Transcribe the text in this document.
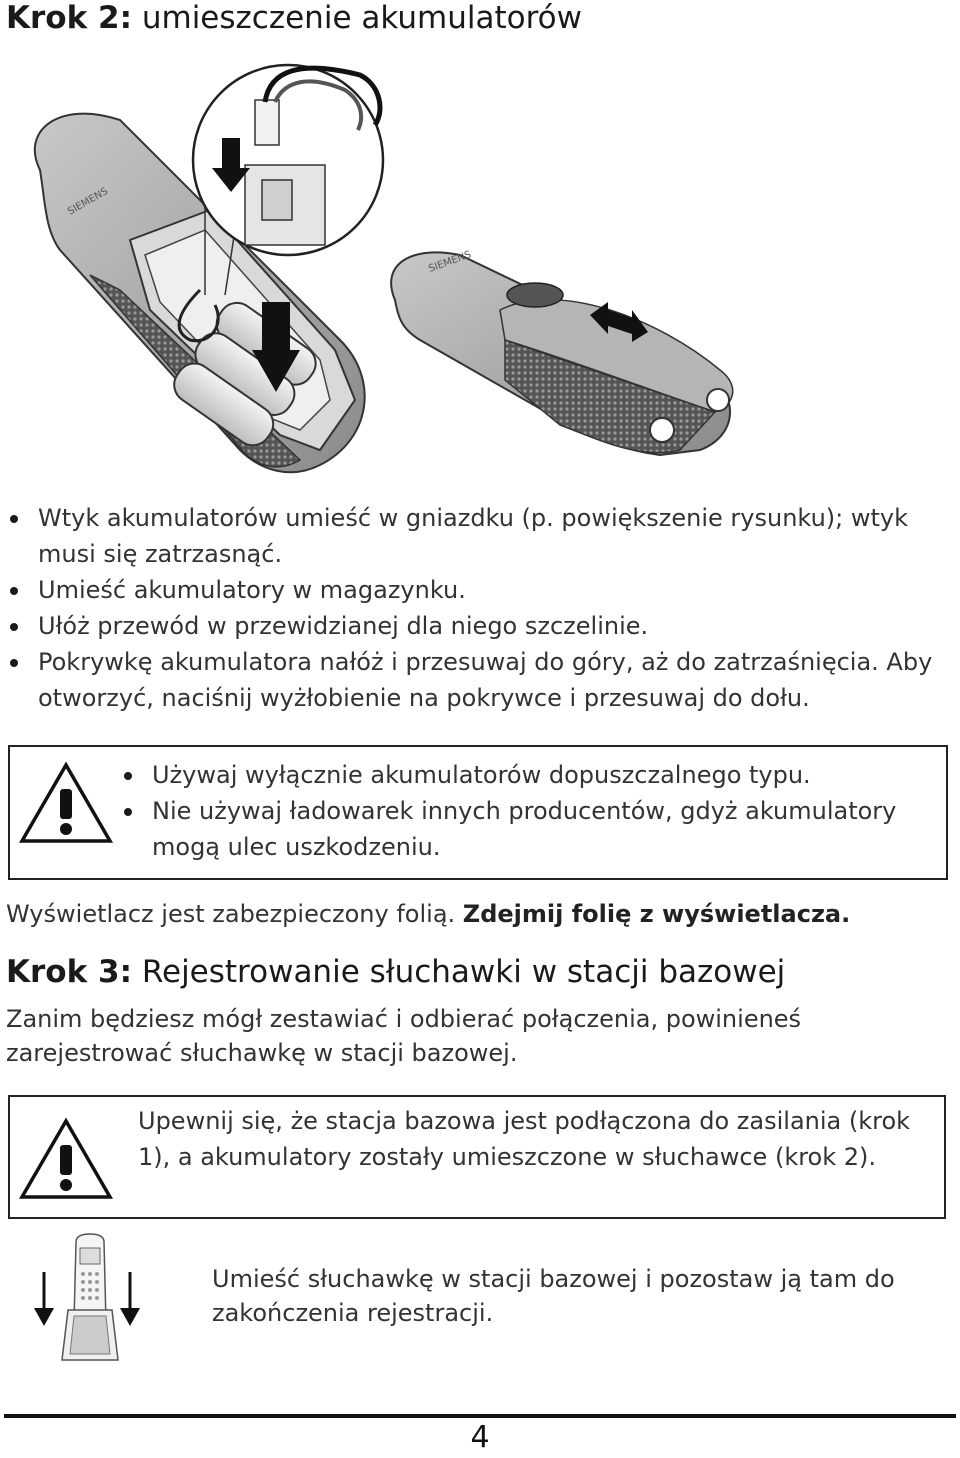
Krok 2: umieszczenie akumulatorów
SIEMENS
SIEMENS
Wtyk akumulatorów umieść w gniazdku (p. powiększenie rysunku); wtyk musi się zatrzasnąć.
Umieść akumulatory w magazynku.
Ułóż przewód w przewidzianej dla niego szczelinie.
Pokrywkę akumulatora nałóż i przesuwaj do góry, aż do zatrzaśnięcia. Aby otworzyć, naciśnij wyżłobienie na pokrywce i przesuwaj do dołu.
Używaj wyłącznie akumulatorów dopuszczalnego typu.
Nie używaj ładowarek innych producentów, gdyż akumulatory mogą ulec uszkodzeniu.
Wyświetlacz jest zabezpieczony folią. Zdejmij folię z wyświetlacza.
Krok 3: Rejestrowanie słuchawki w stacji bazowej
Zanim będziesz mógł zestawiać i odbierać połączenia, powinieneś zarejestrować słuchawkę w stacji bazowej.
Upewnij się, że stacja bazowa jest podłączona do zasilania (krok 1), a akumulatory zostały umieszczone w słuchawce (krok 2).
Umieść słuchawkę w stacji bazowej i pozostaw ją tam do zakończenia rejestracji.
4
